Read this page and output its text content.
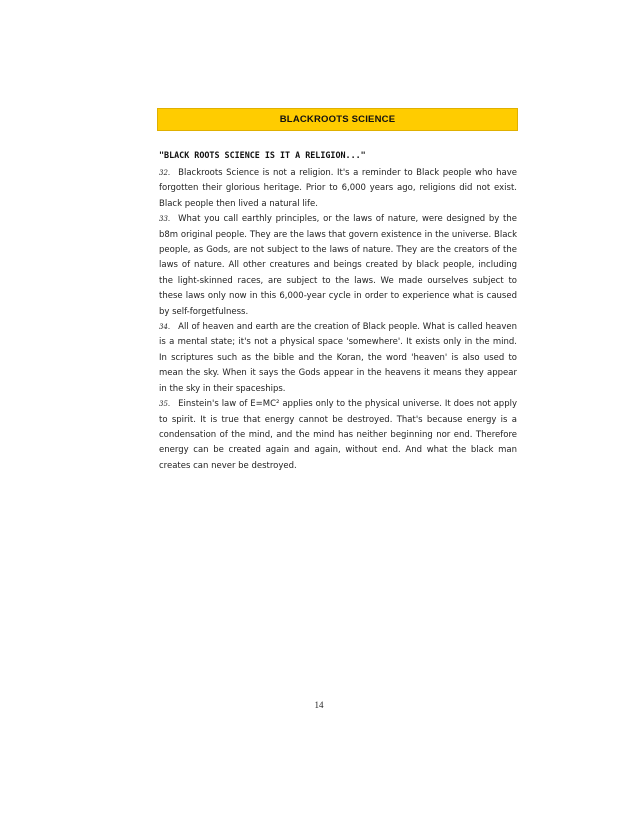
BLACKROOTS SCIENCE
"BLACK ROOTS SCIENCE IS IT A RELIGION..."

32. Blackroots Science is not a religion. It's a reminder to Black people who have forgotten their glorious heritage. Prior to 6,000 years ago, religions did not exist. Black people then lived a natural life.

33. What you call earthly principles, or the laws of nature, were designed by the b8m original people. They are the laws that govern existence in the universe. Black people, as Gods, are not subject to the laws of nature. They are the creators of the laws of nature. All other creatures and beings created by black people, including the light-skinned races, are subject to the laws. We made ourselves subject to these laws only now in this 6,000-year cycle in order to experience what is caused by self-forgetfulness.

34. All of heaven and earth are the creation of Black people. What is called heaven is a mental state; it's not a physical space 'somewhere'. It exists only in the mind. In scriptures such as the bible and the Koran, the word 'heaven' is also used to mean the sky. When it says the Gods appear in the heavens it means they appear in the sky in their spaceships.

35. Einstein's law of E=MC² applies only to the physical universe. It does not apply to spirit. It is true that energy cannot be destroyed. That's because energy is a condensation of the mind, and the mind has neither beginning nor end. Therefore energy can be created again and again, without end. And what the black man creates can never be destroyed.

14
